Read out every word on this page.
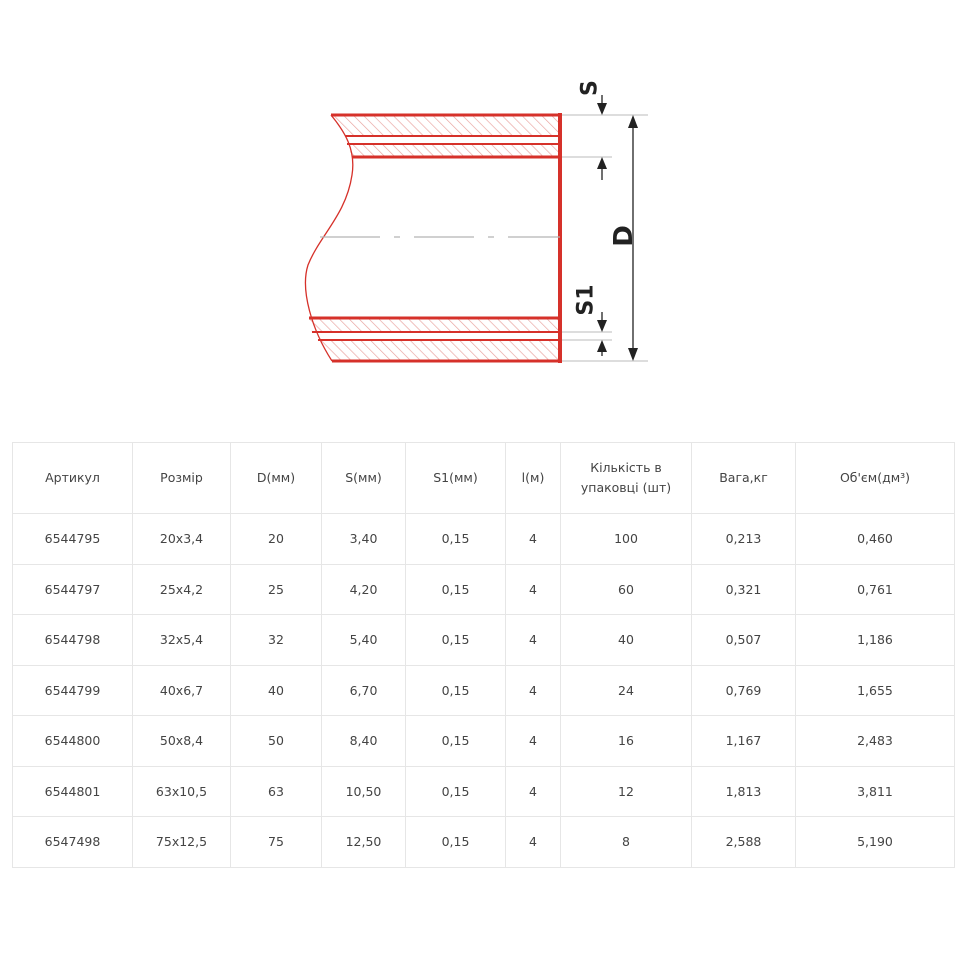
D
S
S1
Артикул	Розмір	D(мм)	S(мм)	S1(мм)	l(м)	Кількість в упаковці (шт)	Вага,кг	Об'єм(дм³)
6544795	20x3,4	20	3,40	0,15	4	100	0,213	0,460
6544797	25x4,2	25	4,20	0,15	4	60	0,321	0,761
6544798	32x5,4	32	5,40	0,15	4	40	0,507	1,186
6544799	40x6,7	40	6,70	0,15	4	24	0,769	1,655
6544800	50x8,4	50	8,40	0,15	4	16	1,167	2,483
6544801	63x10,5	63	10,50	0,15	4	12	1,813	3,811
6547498	75x12,5	75	12,50	0,15	4	8	2,588	5,190
